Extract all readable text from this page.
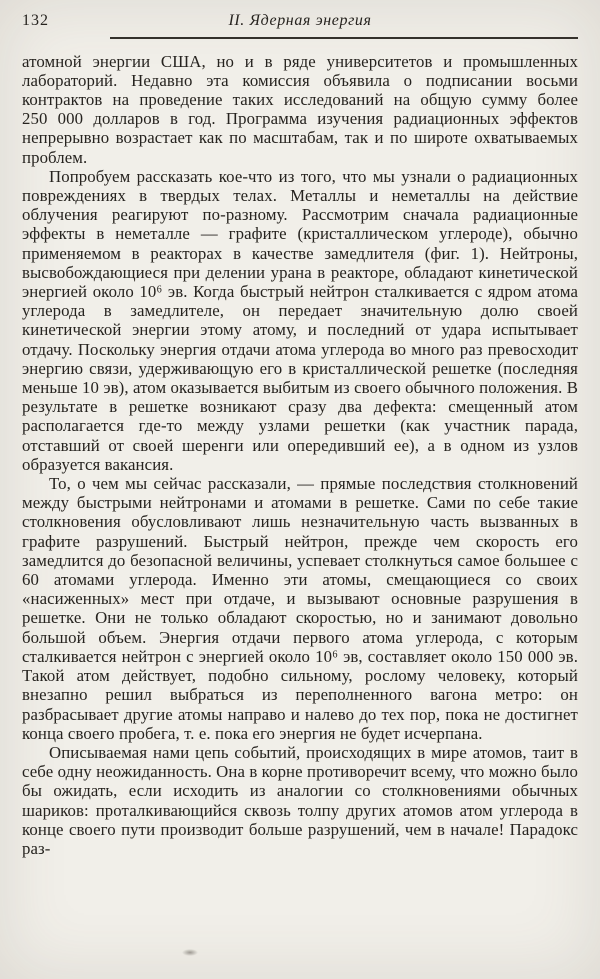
132	II. Ядерная энергия

атомной энергии США, но и в ряде университетов и промышленных лабораторий. Недавно эта комиссия объявила о подписании восьми контрактов на проведение таких исследований на общую сумму более 250 000 долларов в год. Программа изучения радиационных эффектов непрерывно возрастает как по масштабам, так и по широте охватываемых проблем.

Попробуем рассказать кое-что из того, что мы узнали о радиационных повреждениях в твердых телах. Металлы и неметаллы на действие облучения реагируют по-разному. Рассмотрим сначала радиационные эффекты в неметалле — графите (кристаллическом углероде), обычно применяемом в реакторах в качестве замедлителя (фиг. 1). Нейтроны, высвобождающиеся при делении урана в реакторе, обладают кинетической энергией около 10⁶ эв. Когда быстрый нейтрон сталкивается с ядром атома углерода в замедлителе, он передает значительную долю своей кинетической энергии этому атому, и последний от удара испытывает отдачу. Поскольку энергия отдачи атома углерода во много раз превосходит энергию связи, удерживающую его в кристаллической решетке (последняя меньше 10 эв), атом оказывается выбитым из своего обычного положения. В результате в решетке возникают сразу два дефекта: смещенный атом располагается где-то между узлами решетки (как участник парада, отставший от своей шеренги или опередивший ее), а в одном из узлов образуется вакансия.

То, о чем мы сейчас рассказали, — прямые последствия столкновений между быстрыми нейтронами и атомами в решетке. Сами по себе такие столкновения обусловливают лишь незначительную часть вызванных в графите разрушений. Быстрый нейтрон, прежде чем скорость его замедлится до безопасной величины, успевает столкнуться самое большее с 60 атомами углерода. Именно эти атомы, смещающиеся со своих «насиженных» мест при отдаче, и вызывают основные разрушения в решетке. Они не только обладают скоростью, но и занимают довольно большой объем. Энергия отдачи первого атома углерода, с которым сталкивается нейтрон с энергией около 10⁶ эв, составляет около 150 000 эв. Такой атом действует, подобно сильному, рослому человеку, который внезапно решил выбраться из переполненного вагона метро: он разбрасывает другие атомы направо и налево до тех пор, пока не достигнет конца своего пробега, т. е. пока его энергия не будет исчерпана.

Описываемая нами цепь событий, происходящих в мире атомов, таит в себе одну неожиданность. Она в корне противоречит всему, что можно было бы ожидать, если исходить из аналогии со столкновениями обычных шариков: проталкивающийся сквозь толпу других атомов атом углерода в конце своего пути производит больше разрушений, чем в начале! Парадокс раз-
